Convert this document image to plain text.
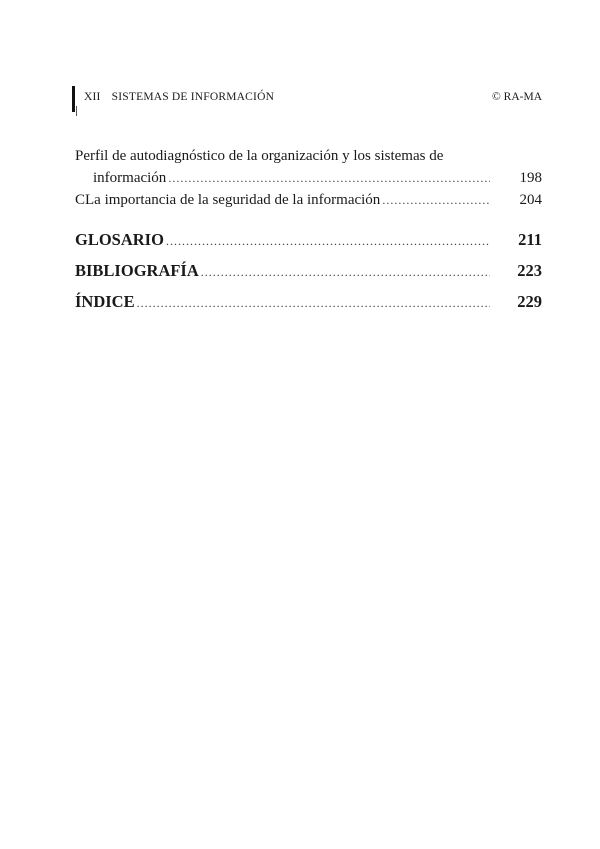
XII SISTEMAS DE INFORMACIÓN	© RA-MA
Perfil de autodiagnóstico de la organización y los sistemas de
información .....	198
CLa importancia de la seguridad de la información .....	204
GLOSARIO .....	211
BIBLIOGRAFÍA .....	223
ÍNDICE .....	229
